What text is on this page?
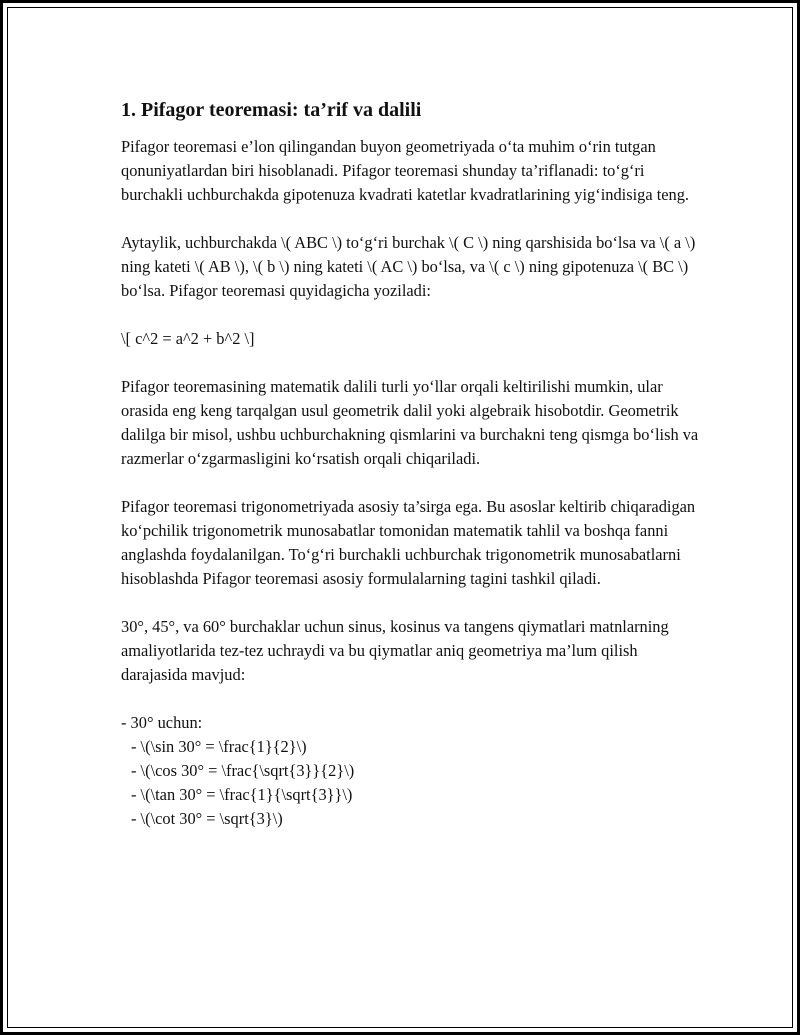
1. Pifagor teoremasi: ta’rif va dalili

Pifagor teoremasi e’lon qilingandan buyon geometriyada o‘ta muhim o‘rin tutgan qonuniyatlardan biri hisoblanadi. Pifagor teoremasi shunday ta’riflanadi: to‘g‘ri burchakli uchburchakda gipotenuza kvadrati katetlar kvadratlarining yig‘indisiga teng.

Aytaylik, uchburchakda \( ABC \) to‘g‘ri burchak \( C \) ning qarshisida bo‘lsa va \( a \) ning kateti \( AB \), \( b \) ning kateti \( AC \) bo‘lsa, va \( c \) ning gipotenuza \( BC \) bo‘lsa. Pifagor teoremasi quyidagicha yoziladi:

\[ c^2 = a^2 + b^2 \]

Pifagor teoremasining matematik dalili turli yo‘llar orqali keltirilishi mumkin, ular orasida eng keng tarqalgan usul geometrik dalil yoki algebraik hisobotdir. Geometrik dalilga bir misol, ushbu uchburchakning qismlarini va burchakni teng qismga bo‘lish va razmerlar o‘zgarmasligini ko‘rsatish orqali chiqariladi.

Pifagor teoremasi trigonometriyada asosiy ta’sirga ega. Bu asoslar keltirib chiqaradigan ko‘pchilik trigonometrik munosabatlar tomonidan matematik tahlil va boshqa fanni anglashda foydalanilgan. To‘g‘ri burchakli uchburchak trigonometrik munosabatlarni hisoblashda Pifagor teoremasi asosiy formulalarning tagini tashkil qiladi.

30°, 45°, va 60° burchaklar uchun sinus, kosinus va tangens qiymatlari matnlarning amaliyotlarida tez-tez uchraydi va bu qiymatlar aniq geometriya ma’lum qilish darajasida mavjud:

- 30° uchun:
- \(\sin 30° = \frac{1}{2}\)
- \(\cos 30° = \frac{\sqrt{3}}{2}\)
- \(\tan 30° = \frac{1}{\sqrt{3}}\)
- \(\cot 30° = \sqrt{3}\)
